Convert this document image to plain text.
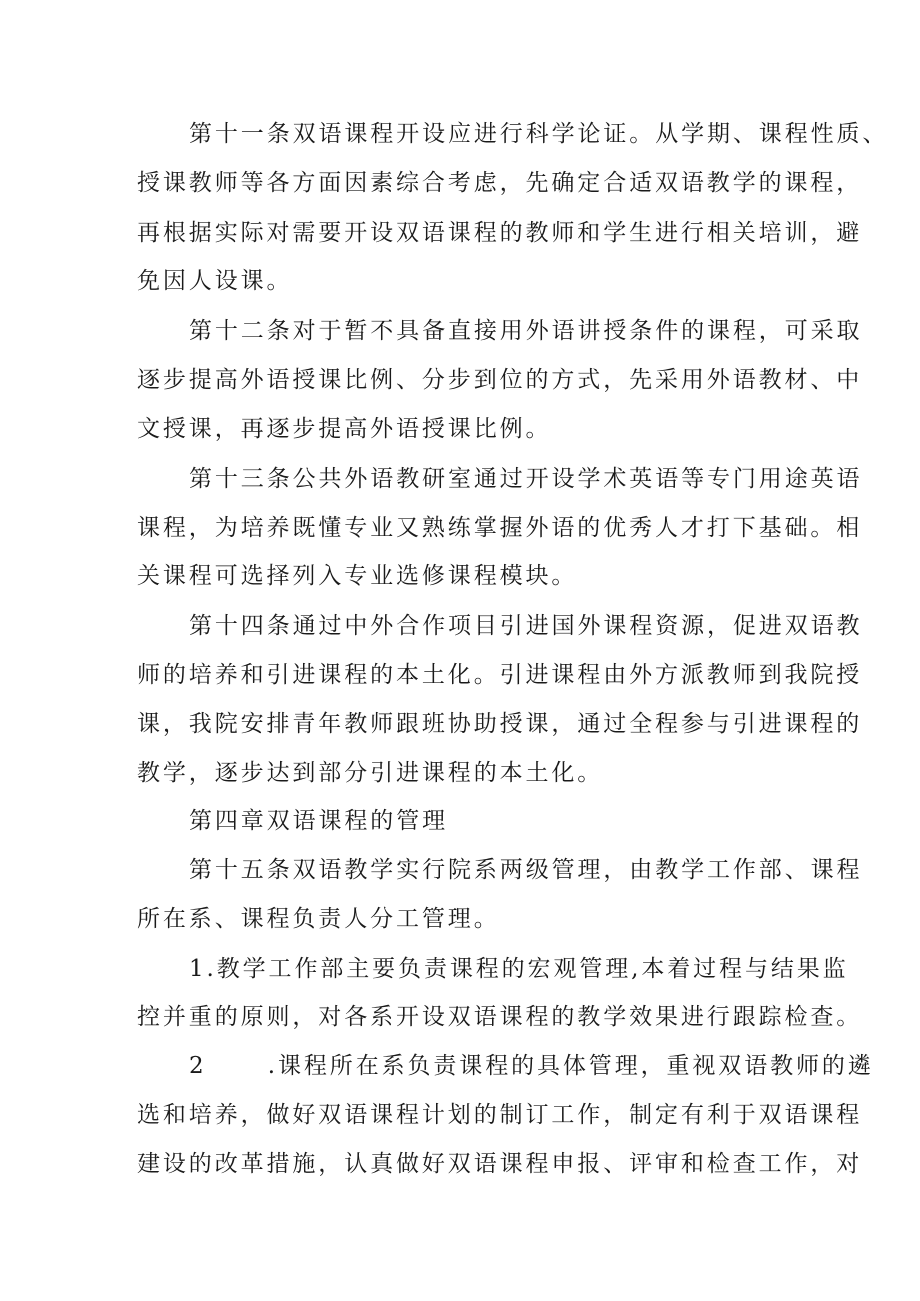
第十一条双语课程开设应进行科学论证。从学期、课程性质、
授课教师等各方面因素综合考虑，先确定合适双语教学的课程，
再根据实际对需要开设双语课程的教师和学生进行相关培训，避
免因人设课。
第十二条对于暂不具备直接用外语讲授条件的课程，可采取
逐步提高外语授课比例、分步到位的方式，先采用外语教材、中
文授课，再逐步提高外语授课比例。
第十三条公共外语教研室通过开设学术英语等专门用途英语
课程，为培养既懂专业又熟练掌握外语的优秀人才打下基础。相
关课程可选择列入专业选修课程模块。
第十四条通过中外合作项目引进国外课程资源，促进双语教
师的培养和引进课程的本土化。引进课程由外方派教师到我院授
课，我院安排青年教师跟班协助授课，通过全程参与引进课程的
教学，逐步达到部分引进课程的本土化。
第四章双语课程的管理
第十五条双语教学实行院系两级管理，由教学工作部、课程
所在系、课程负责人分工管理。
1.教学工作部主要负责课程的宏观管理,本着过程与结果监
控并重的原则，对各系开设双语课程的教学效果进行跟踪检查。
2      .课程所在系负责课程的具体管理，重视双语教师的遴
选和培养，做好双语课程计划的制订工作，制定有利于双语课程
建设的改革措施，认真做好双语课程申报、评审和检查工作，对
